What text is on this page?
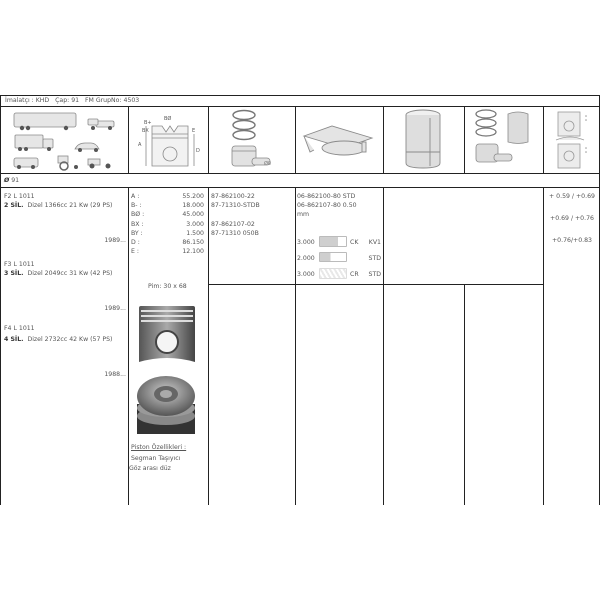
İmalatçı : KHD Çap: 91 FM GrupNo: 4503
BØ
B+
BX
A
D
E
Ø0
Ø 91
F2 L 1011
2 SİL. Dizel 1366cc 21 Kw (29 PS)
1989...
F3 L 1011
3 SİL. Dizel 2049cc 31 Kw (42 PS)
1989...
F4 L 1011
4 SİL. Dizel 2732cc 42 Kw (57 PS)
1988...
A :	55.200
B- :	18.000
BØ :	45.000
BX :	3.000
BY :	1.500
D :	86.150
E :	12.100
Pim: 30 x 68
Piston Özellikleri :
Segman Taşıyıcı
Göz arası düz
87-862100-22
87-71310-STDB
87-862107-02
87-71310 050B
06-862100-80 STD
06-862107-80 0.50
mm
3.000	CK	KV1
2.000	STD
3.000	CR	STD
+ 0.59 / +0.69
+0.69 / +0.76
+0.76/+0.83
